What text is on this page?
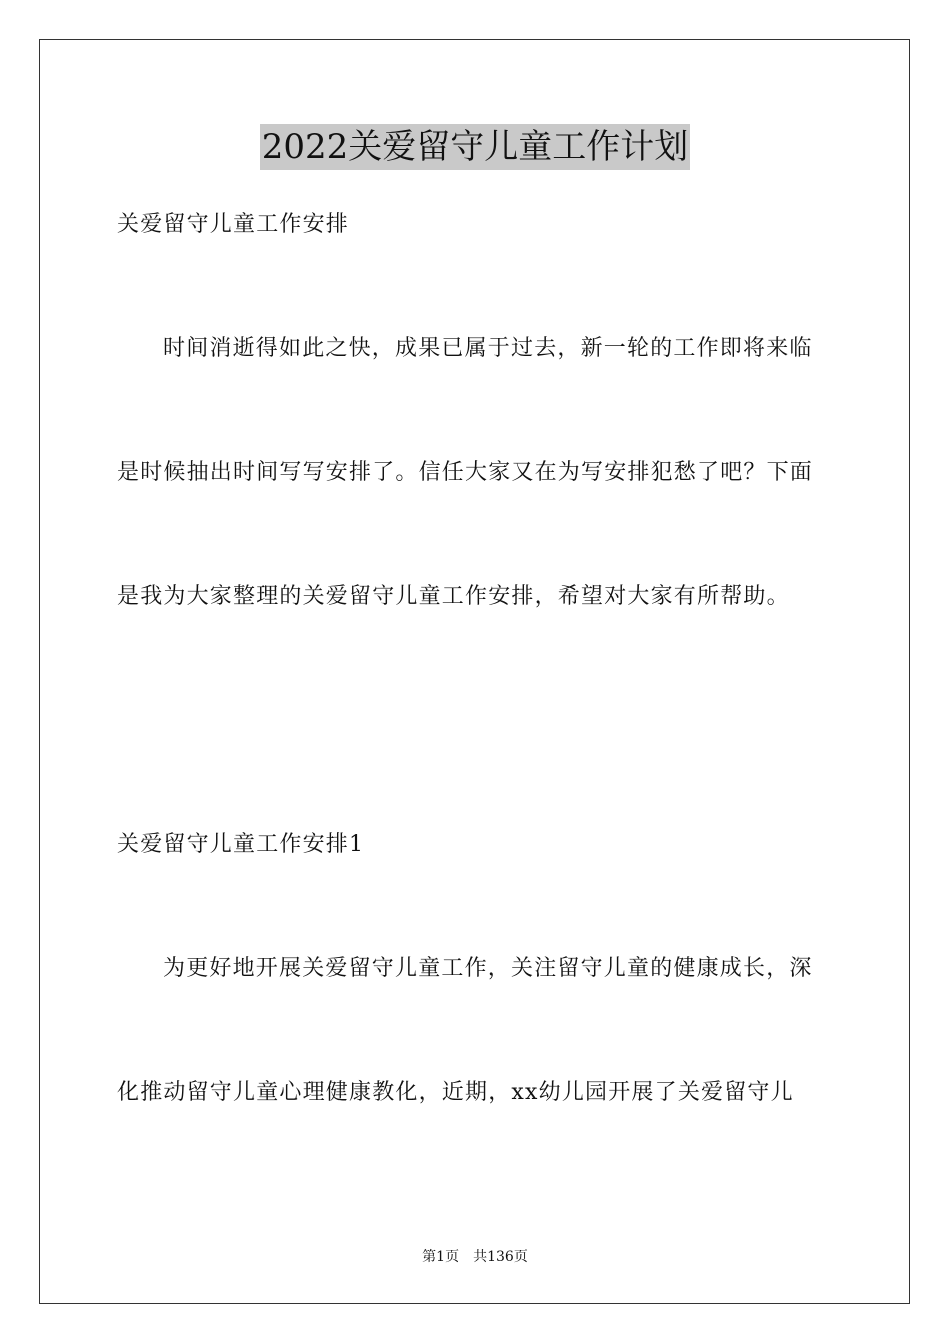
2022关爱留守儿童工作计划
关爱留守儿童工作安排
时间消逝得如此之快，成果已属于过去，新一轮的工作即将来临
是时候抽出时间写写安排了。信任大家又在为写安排犯愁了吧？下面
是我为大家整理的关爱留守儿童工作安排，希望对大家有所帮助。
关爱留守儿童工作安排1
为更好地开展关爱留守儿童工作，关注留守儿童的健康成长，深
化推动留守儿童心理健康教化，近期，xx幼儿园开展了关爱留守儿
第1页 共136页
